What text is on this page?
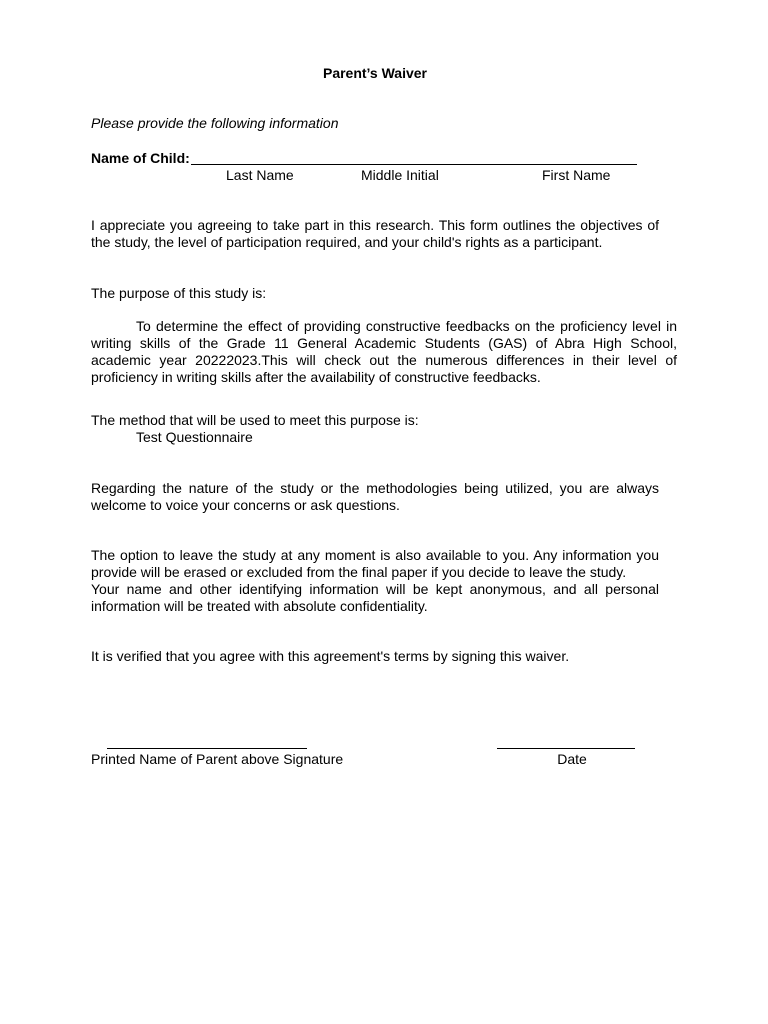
Parent’s Waiver
Please provide the following information
Name of Child:
Last Name	Middle Initial	First Name
I appreciate you agreeing to take part in this research. This form outlines the objectives of the study, the level of participation required, and your child's rights as a participant.
The purpose of this study is:
To determine the effect of providing constructive feedbacks on the proficiency level in writing skills of the Grade 11 General Academic Students (GAS) of Abra High School, academic year 20222023.This will check out the numerous differences in their level of proficiency in writing skills after the availability of constructive feedbacks.
The method that will be used to meet this purpose is:
Test Questionnaire
Regarding the nature of the study or the methodologies being utilized, you are always welcome to voice your concerns or ask questions.
The option to leave the study at any moment is also available to you. Any information you provide will be erased or excluded from the final paper if you decide to leave the study.
Your name and other identifying information will be kept anonymous, and all personal information will be treated with absolute confidentiality.
It is verified that you agree with this agreement's terms by signing this waiver.
Printed Name of Parent above Signature	Date
